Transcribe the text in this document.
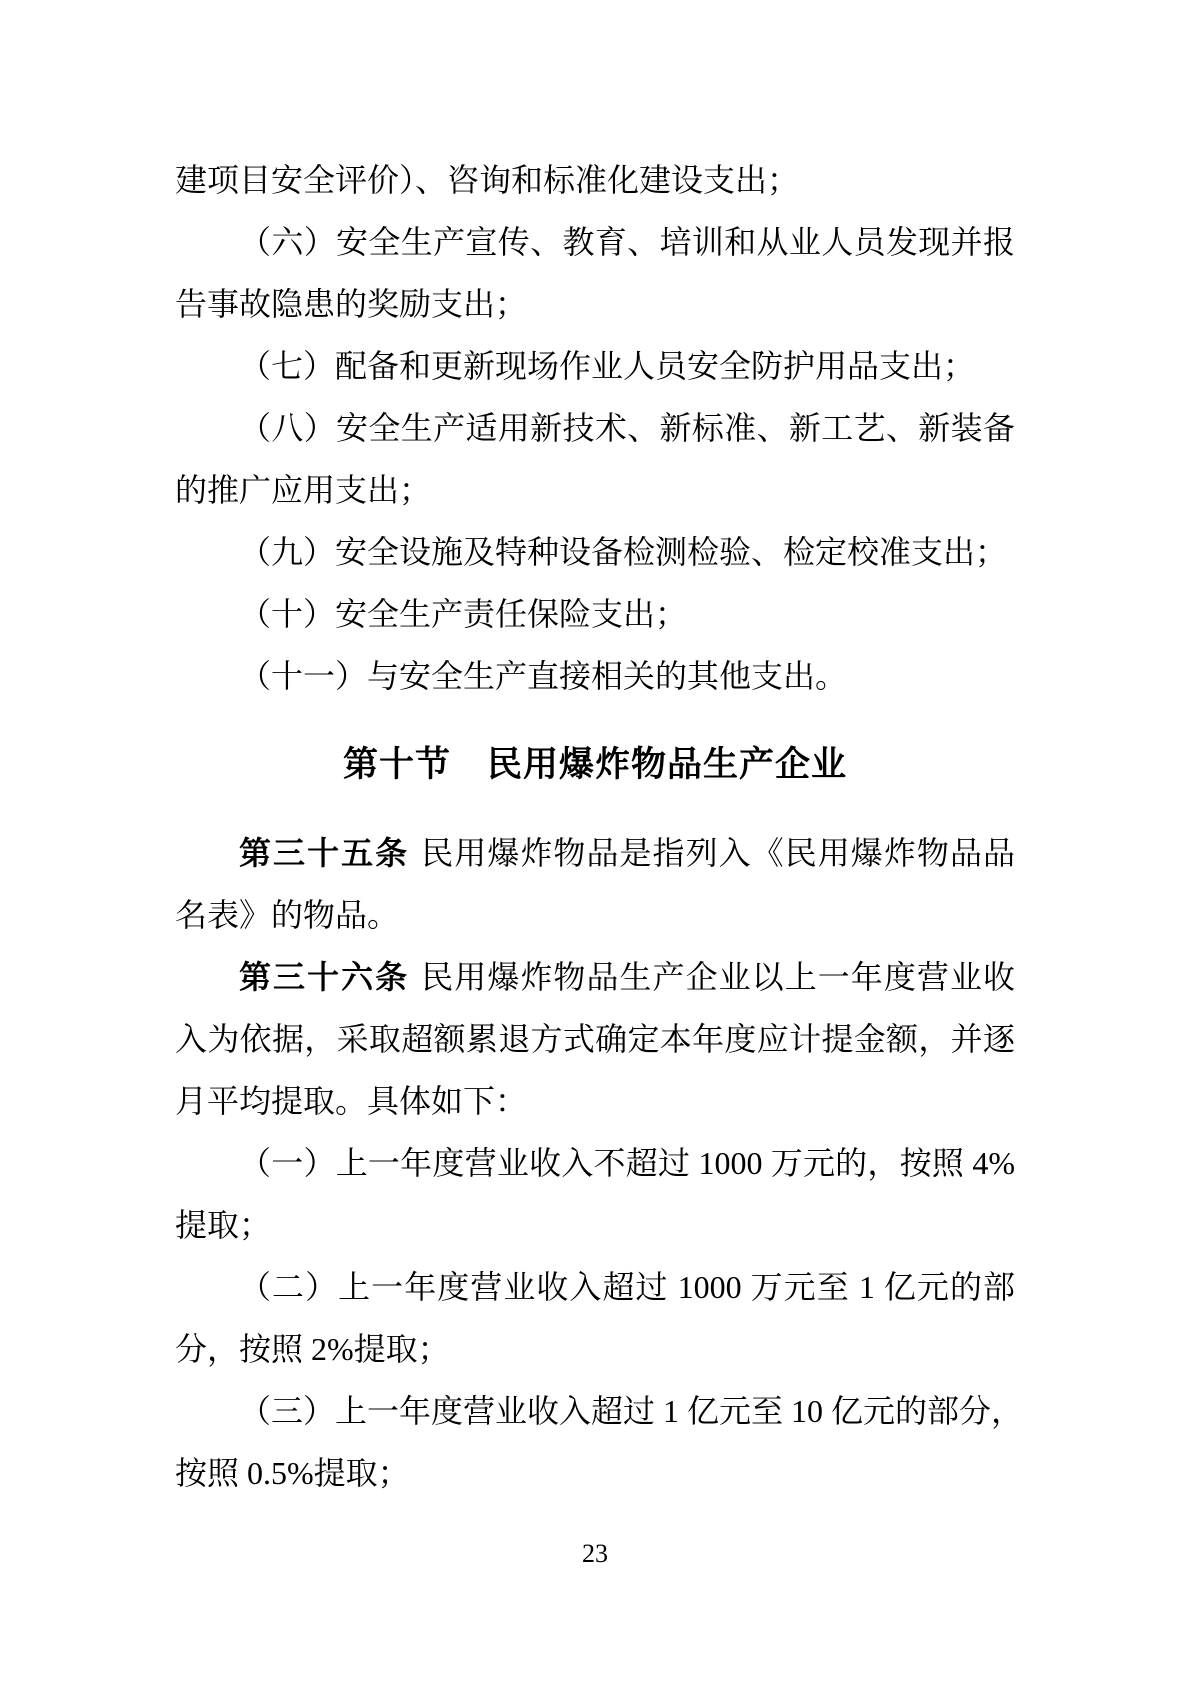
建项目安全评价）、咨询和标准化建设支出；
（六）安全生产宣传、教育、培训和从业人员发现并报
告事故隐患的奖励支出；
（七）配备和更新现场作业人员安全防护用品支出；
（八）安全生产适用新技术、新标准、新工艺、新装备
的推广应用支出；
（九）安全设施及特种设备检测检验、检定校准支出；
（十）安全生产责任保险支出；
（十一）与安全生产直接相关的其他支出。
第十节　民用爆炸物品生产企业
第三十五条 民用爆炸物品是指列入《民用爆炸物品品
名表》的物品。
第三十六条 民用爆炸物品生产企业以上一年度营业收
入为依据，采取超额累退方式确定本年度应计提金额，并逐
月平均提取。具体如下：
（一）上一年度营业收入不超过 1000 万元的，按照 4%
提取；
（二）上一年度营业收入超过 1000 万元至 1 亿元的部
分，按照 2%提取；
（三）上一年度营业收入超过 1 亿元至 10 亿元的部分，
按照 0.5%提取；
23
